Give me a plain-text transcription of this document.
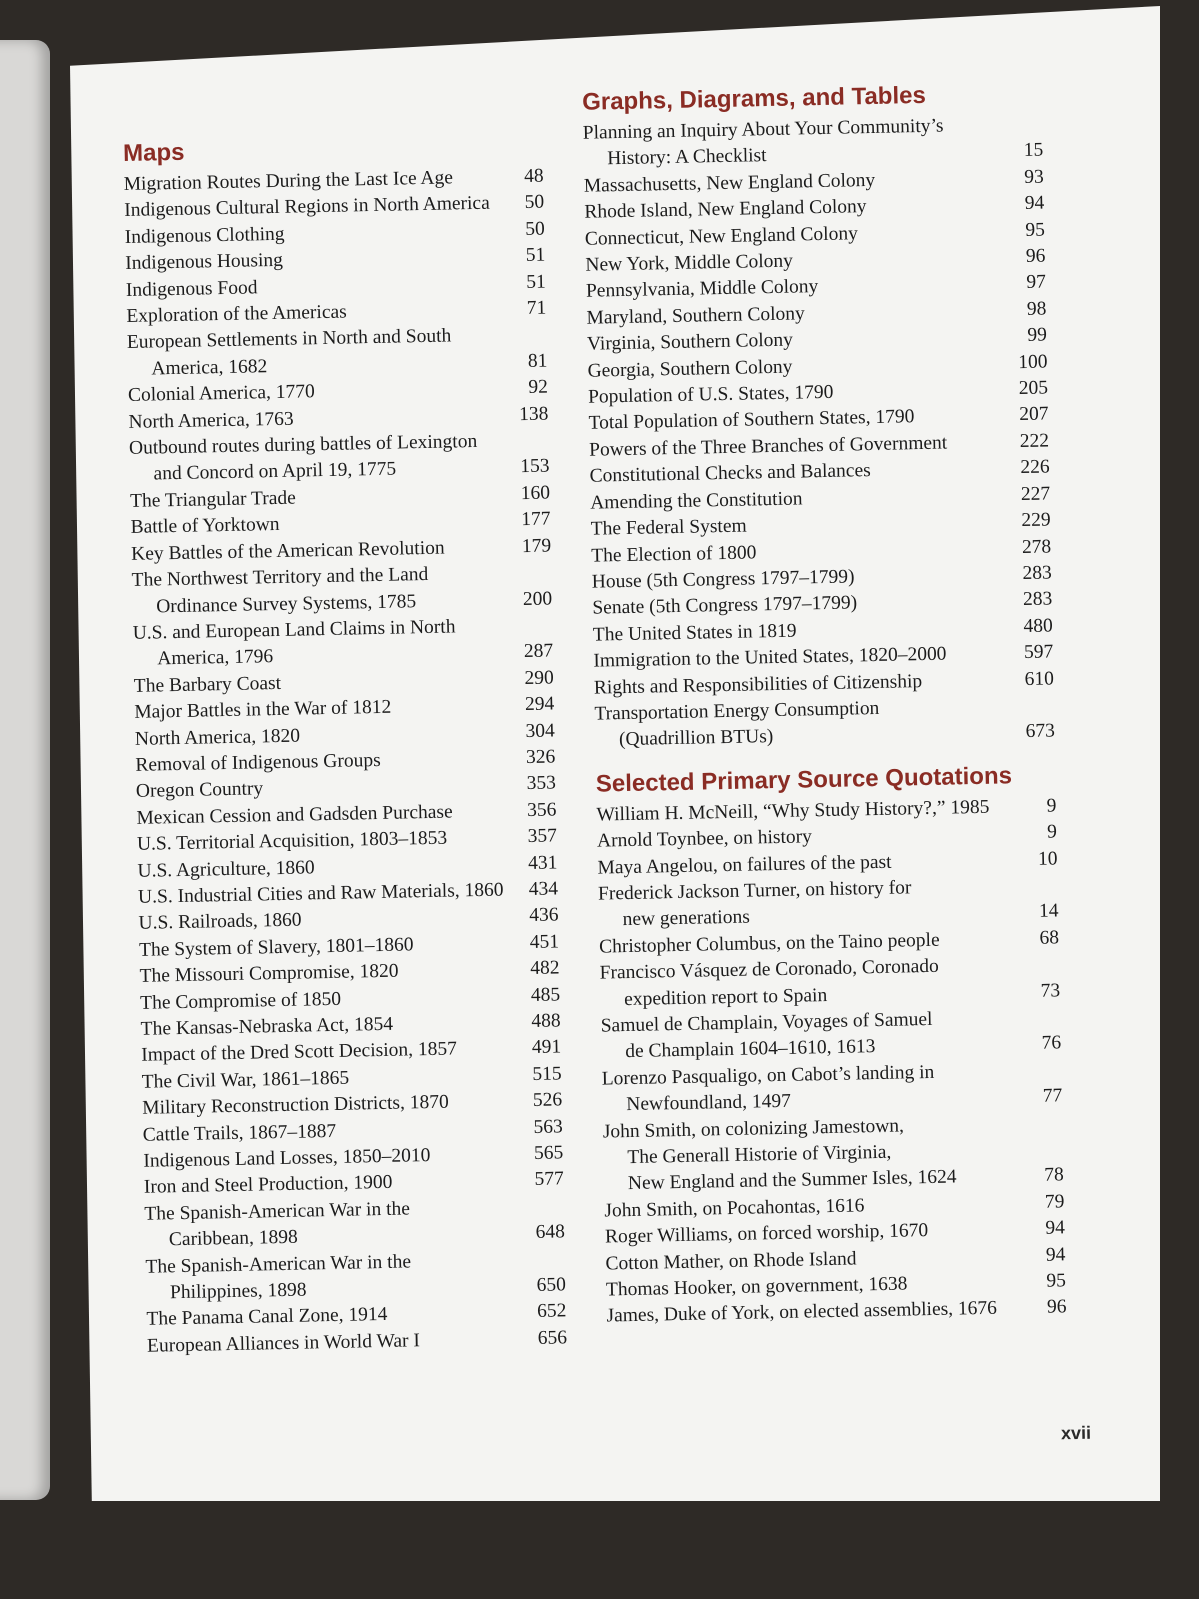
Maps
Migration Routes During the Last Ice Age	48
Indigenous Cultural Regions in North America	50
Indigenous Clothing	50
Indigenous Housing	51
Indigenous Food	51
Exploration of the Americas	71
European Settlements in North and South
America, 1682	81
Colonial America, 1770	92
North America, 1763	138
Outbound routes during battles of Lexington
and Concord on April 19, 1775	153
The Triangular Trade	160
Battle of Yorktown	177
Key Battles of the American Revolution	179
The Northwest Territory and the Land
Ordinance Survey Systems, 1785	200
U.S. and European Land Claims in North
America, 1796	287
The Barbary Coast	290
Major Battles in the War of 1812	294
North America, 1820	304
Removal of Indigenous Groups	326
Oregon Country	353
Mexican Cession and Gadsden Purchase	356
U.S. Territorial Acquisition, 1803–1853	357
U.S. Agriculture, 1860	431
U.S. Industrial Cities and Raw Materials, 1860	434
U.S. Railroads, 1860	436
The System of Slavery, 1801–1860	451
The Missouri Compromise, 1820	482
The Compromise of 1850	485
The Kansas-Nebraska Act, 1854	488
Impact of the Dred Scott Decision, 1857	491
The Civil War, 1861–1865	515
Military Reconstruction Districts, 1870	526
Cattle Trails, 1867–1887	563
Indigenous Land Losses, 1850–2010	565
Iron and Steel Production, 1900	577
The Spanish-American War in the
Caribbean, 1898	648
The Spanish-American War in the
Philippines, 1898	650
The Panama Canal Zone, 1914	652
European Alliances in World War I	656
Graphs, Diagrams, and Tables
Planning an Inquiry About Your Community’s
History: A Checklist	15
Massachusetts, New England Colony	93
Rhode Island, New England Colony	94
Connecticut, New England Colony	95
New York, Middle Colony	96
Pennsylvania, Middle Colony	97
Maryland, Southern Colony	98
Virginia, Southern Colony	99
Georgia, Southern Colony	100
Population of U.S. States, 1790	205
Total Population of Southern States, 1790	207
Powers of the Three Branches of Government	222
Constitutional Checks and Balances	226
Amending the Constitution	227
The Federal System	229
The Election of 1800	278
House (5th Congress 1797–1799)	283
Senate (5th Congress 1797–1799)	283
The United States in 1819	480
Immigration to the United States, 1820–2000	597
Rights and Responsibilities of Citizenship	610
Transportation Energy Consumption
(Quadrillion BTUs)	673
Selected Primary Source Quotations
William H. McNeill, “Why Study History?,” 1985	9
Arnold Toynbee, on history	9
Maya Angelou, on failures of the past	10
Frederick Jackson Turner, on history for
new generations	14
Christopher Columbus, on the Taino people	68
Francisco Vásquez de Coronado, Coronado
expedition report to Spain	73
Samuel de Champlain, Voyages of Samuel
de Champlain 1604–1610, 1613	76
Lorenzo Pasqualigo, on Cabot’s landing in
Newfoundland, 1497	77
John Smith, on colonizing Jamestown,
The Generall Historie of Virginia,
New England and the Summer Isles, 1624	78
John Smith, on Pocahontas, 1616	79
Roger Williams, on forced worship, 1670	94
Cotton Mather, on Rhode Island	94
Thomas Hooker, on government, 1638	95
James, Duke of York, on elected assemblies, 1676	96
xvii
